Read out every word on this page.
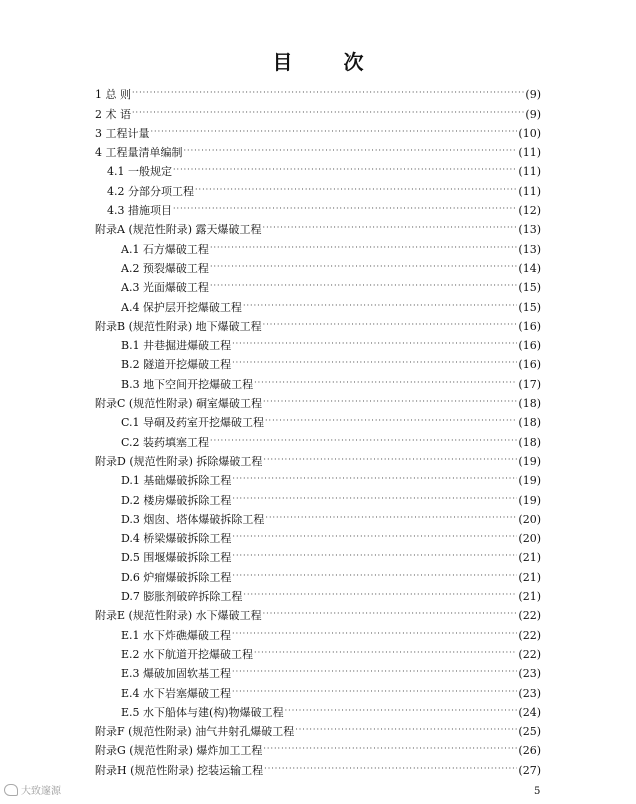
目 次
1 总 则 ·····	(9)
2 术 语 ·····	(9)
3 工程计量 ·····	(10)
4 工程量清单编制 ·····	(11)
4.1 一般规定 ·····	(11)
4.2 分部分项工程 ·····	(11)
4.3 措施项目 ·····	(12)
附录A (规范性附录) 露天爆破工程 ·····	(13)
A.1 石方爆破工程 ·····	(13)
A.2 预裂爆破工程 ·····	(14)
A.3 光面爆破工程 ·····	(15)
A.4 保护层开挖爆破工程 ·····	(15)
附录B (规范性附录) 地下爆破工程 ·····	(16)
B.1 井巷掘进爆破工程 ·····	(16)
B.2 隧道开挖爆破工程 ·····	(16)
B.3 地下空间开挖爆破工程 ·····	(17)
附录C (规范性附录) 硐室爆破工程 ·····	(18)
C.1 导硐及药室开挖爆破工程 ·····	(18)
C.2 装药填塞工程 ·····	(18)
附录D (规范性附录) 拆除爆破工程 ·····	(19)
D.1 基础爆破拆除工程 ·····	(19)
D.2 楼房爆破拆除工程 ·····	(19)
D.3 烟囱、塔体爆破拆除工程 ·····	(20)
D.4 桥梁爆破拆除工程 ·····	(20)
D.5 围堰爆破拆除工程 ·····	(21)
D.6 炉瘤爆破拆除工程 ·····	(21)
D.7 膨胀剂破碎拆除工程 ·····	(21)
附录E (规范性附录) 水下爆破工程 ·····	(22)
E.1 水下炸礁爆破工程 ·····	(22)
E.2 水下航道开挖爆破工程 ·····	(22)
E.3 爆破加固软基工程 ·····	(23)
E.4 水下岩塞爆破工程 ·····	(23)
E.5 水下船体与建(构)物爆破工程 ·····	(24)
附录F (规范性附录) 油气井射孔爆破工程 ·····	(25)
附录G (规范性附录) 爆炸加工工程 ·····	(26)
附录H (规范性附录) 挖装运输工程 ·····	(27)
大致邃源	5
